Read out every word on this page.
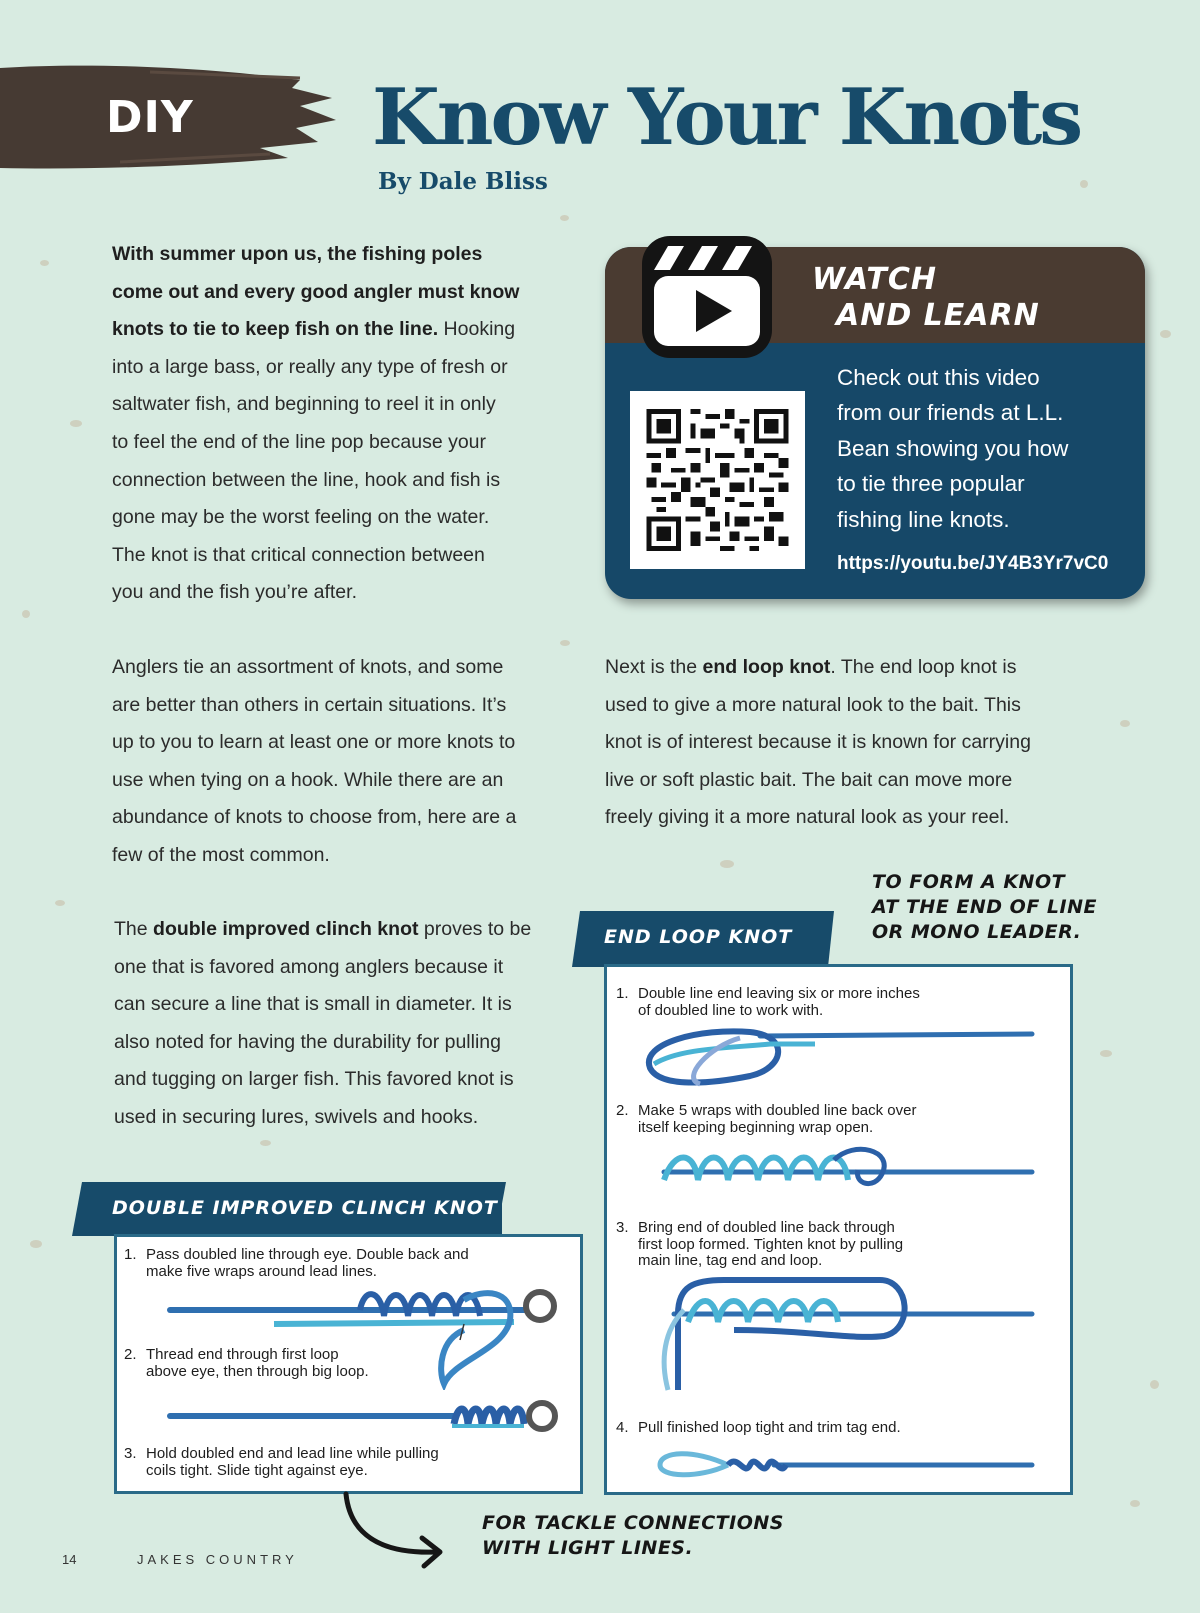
DIY Know Your Knots
By Dale Bliss
With summer upon us, the fishing poles
come out and every good angler must know
knots to tie to keep fish on the line. Hooking
into a large bass, or really any type of fresh or
saltwater fish, and beginning to reel it in only
to feel the end of the line pop because your
connection between the line, hook and fish is
gone may be the worst feeling on the water.
The knot is that critical connection between
you and the fish you’re after.
WATCH
AND LEARN
Check out this video
from our friends at L.L.
Bean showing you how
to tie three popular
fishing line knots.
https://youtu.be/JY4B3Yr7vC0
Anglers tie an assortment of knots, and some
are better than others in certain situations. It’s
up to you to learn at least one or more knots to
use when tying on a hook. While there are an
abundance of knots to choose from, here are a
few of the most common.
Next is the end loop knot. The end loop knot is
used to give a more natural look to the bait. This
knot is of interest because it is known for carrying
live or soft plastic bait. The bait can move more
freely giving it a more natural look as your reel.
The double improved clinch knot proves to be
one that is favored among anglers because it
can secure a line that is small in diameter. It is
also noted for having the durability for pulling
and tugging on larger fish. This favored knot is
used in securing lures, swivels and hooks.
END LOOP KNOT
TO FORM A KNOT
AT THE END OF LINE
OR MONO LEADER.
1. Double line end leaving six or more inches
of doubled line to work with.
2. Make 5 wraps with doubled line back over
itself keeping beginning wrap open.
3. Bring end of doubled line back through
first loop formed. Tighten knot by pulling
main line, tag end and loop.
4. Pull finished loop tight and trim tag end.
DOUBLE IMPROVED CLINCH KNOT
1. Pass doubled line through eye. Double back and
make five wraps around lead lines.
2. Thread end through first loop
above eye, then through big loop.
3. Hold doubled end and lead line while pulling
coils tight. Slide tight against eye.
FOR TACKLE CONNECTIONS
WITH LIGHT LINES.
14	JAKES COUNTRY
